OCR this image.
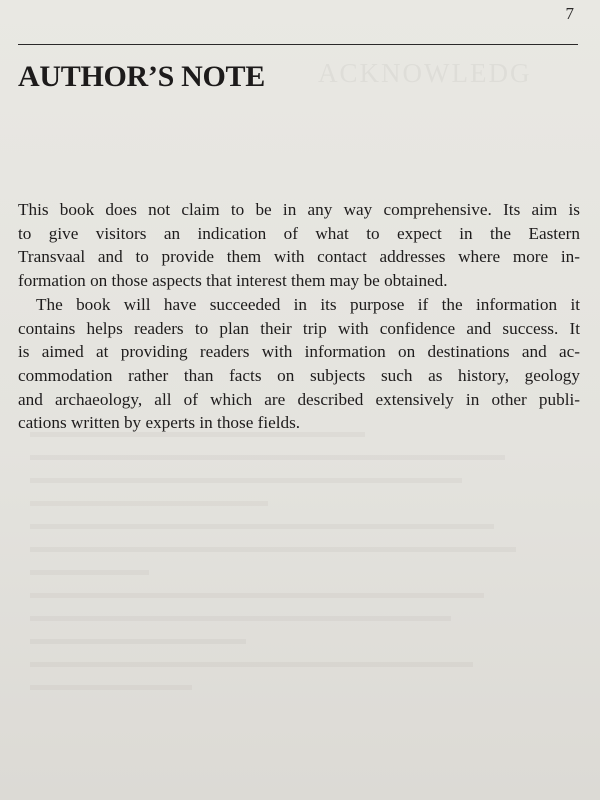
7
ACKNOWLEDG
AUTHOR’S NOTE

This book does not claim to be in any way comprehensive. Its aim is
to give visitors an indication of what to expect in the Eastern
Transvaal and to provide them with contact addresses where more in-
formation on those aspects that interest them may be obtained.

The book will have succeeded in its purpose if the information it
contains helps readers to plan their trip with confidence and success. It
is aimed at providing readers with information on destinations and ac-
commodation rather than facts on subjects such as history, geology
and archaeology, all of which are described extensively in other publi-
cations written by experts in those fields.
